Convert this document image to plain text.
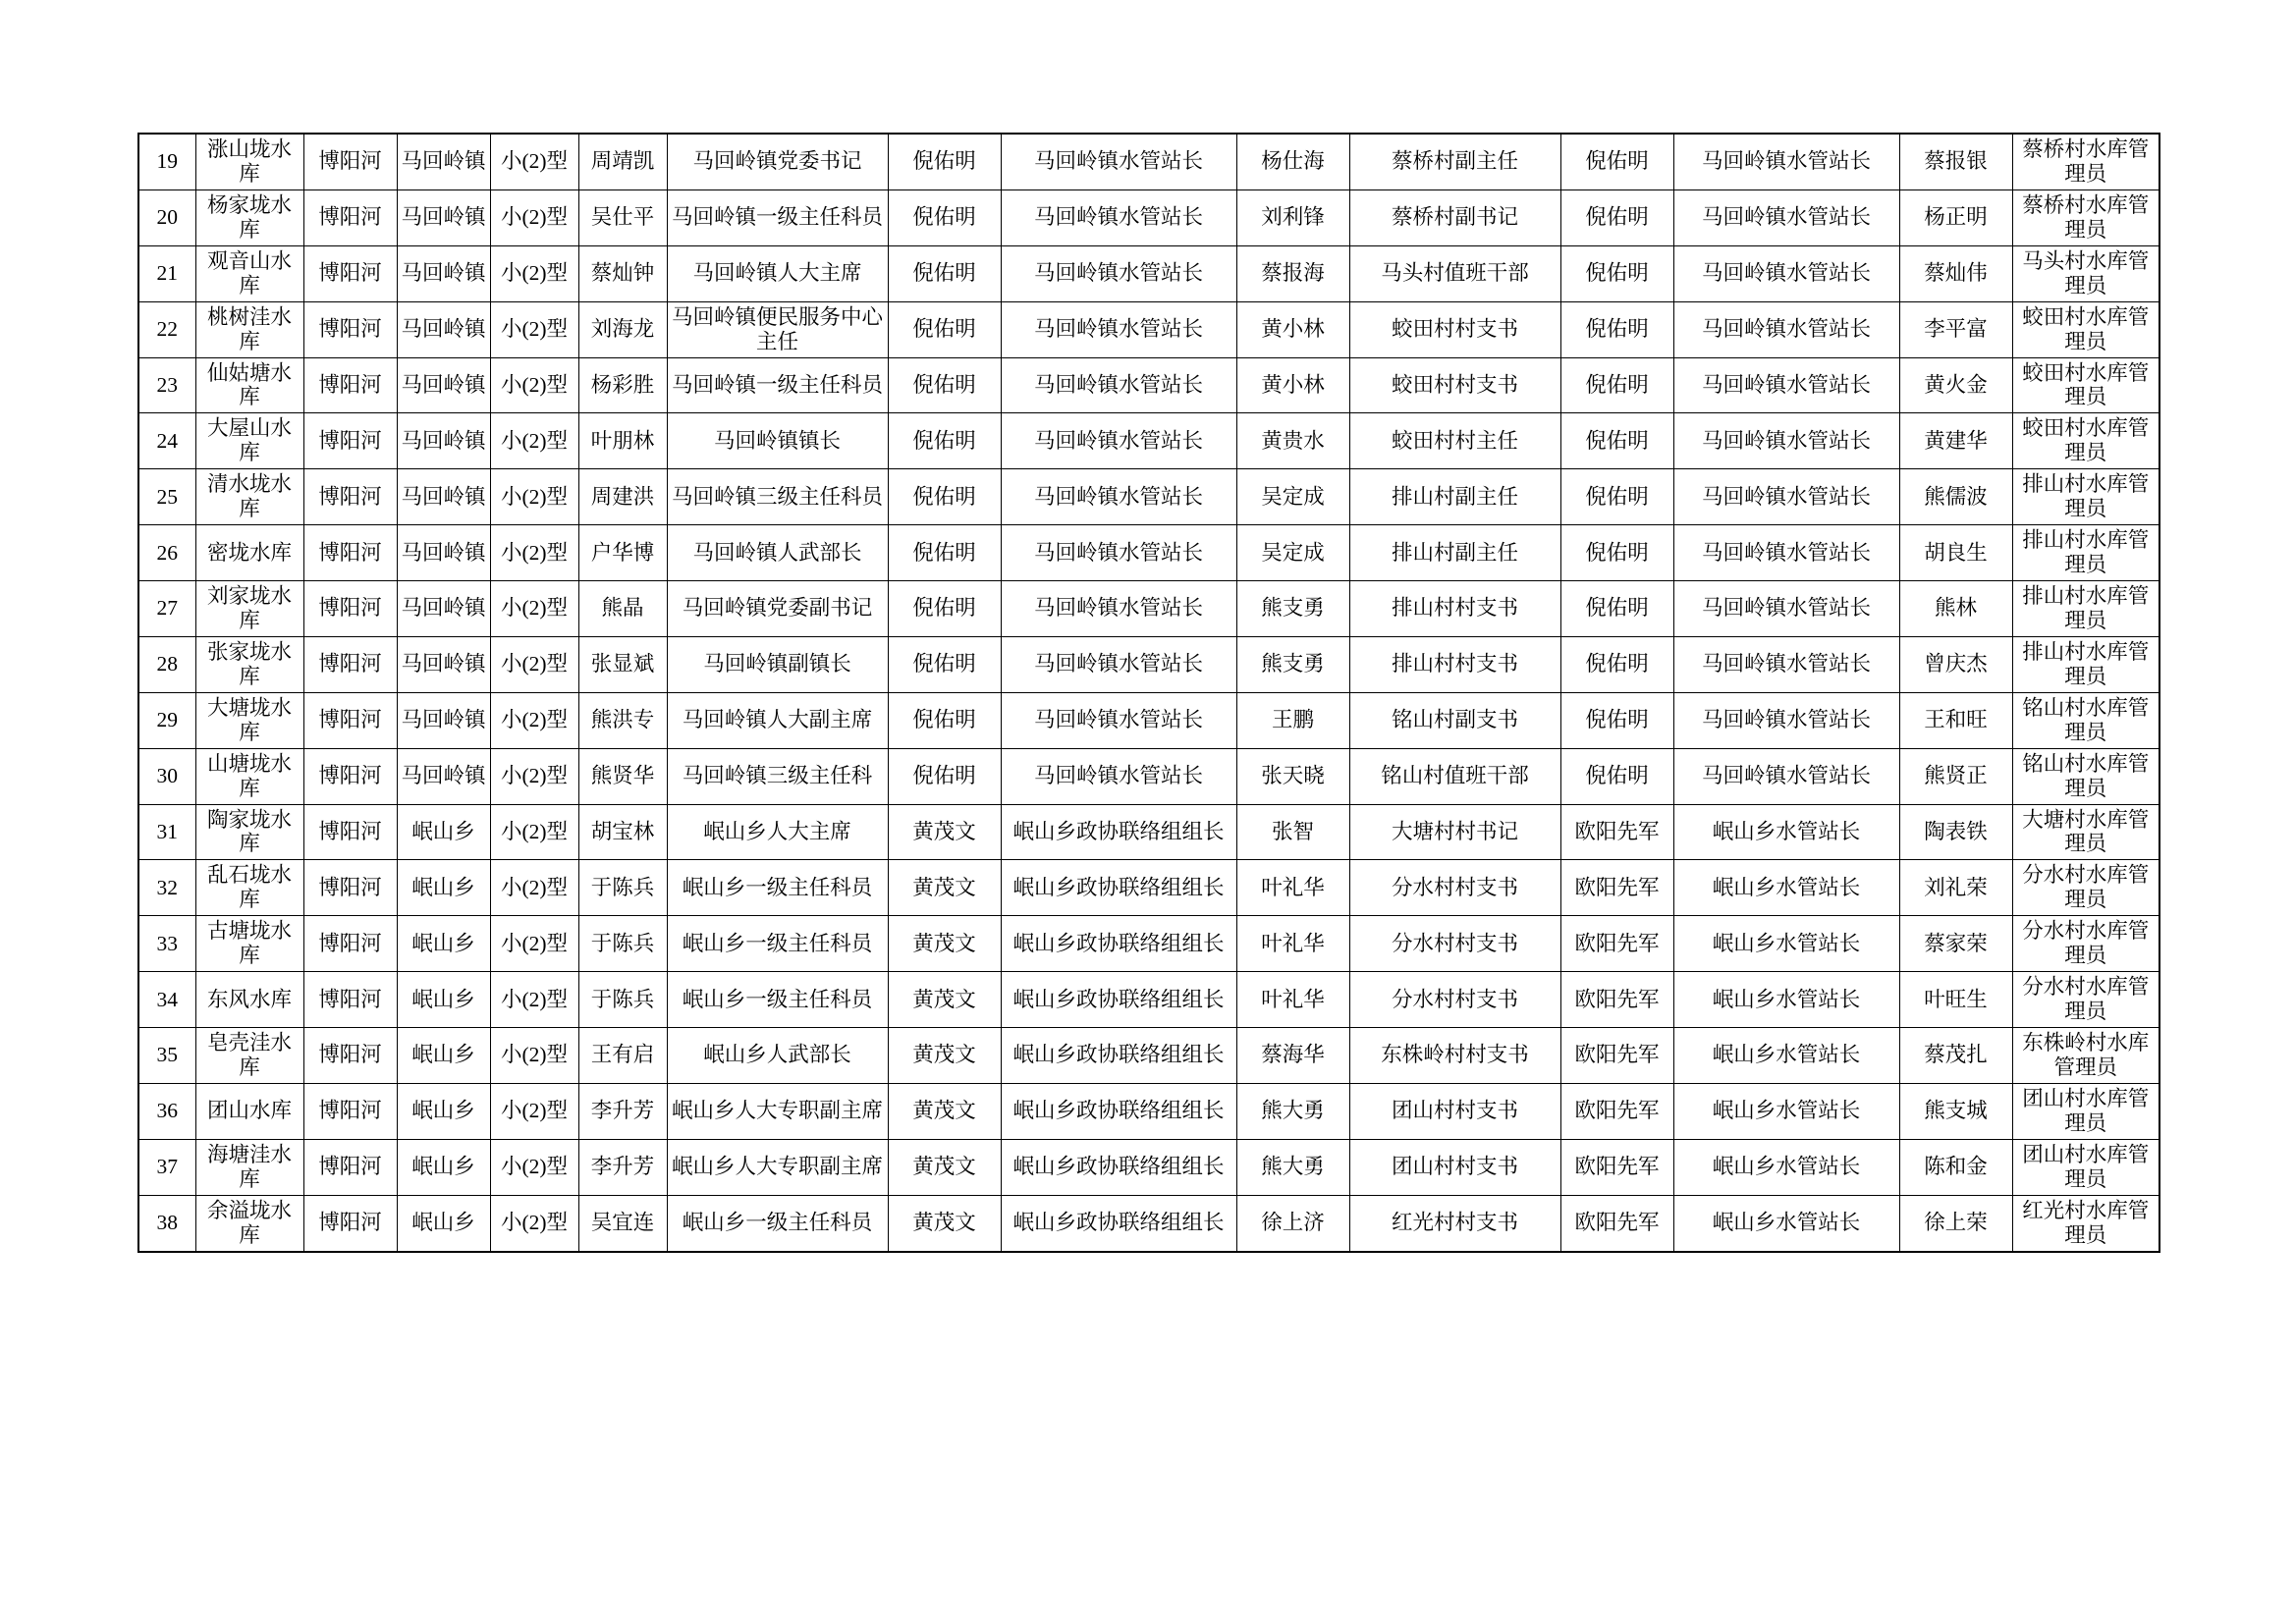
19	涨山垅水库	博阳河	马回岭镇	小(2)型	周靖凯	马回岭镇党委书记	倪佑明	马回岭镇水管站长	杨仕海	蔡桥村副主任	倪佑明	马回岭镇水管站长	蔡报银	蔡桥村水库管理员
20	杨家垅水库	博阳河	马回岭镇	小(2)型	吴仕平	马回岭镇一级主任科员	倪佑明	马回岭镇水管站长	刘利锋	蔡桥村副书记	倪佑明	马回岭镇水管站长	杨正明	蔡桥村水库管理员
21	观音山水库	博阳河	马回岭镇	小(2)型	蔡灿钟	马回岭镇人大主席	倪佑明	马回岭镇水管站长	蔡报海	马头村值班干部	倪佑明	马回岭镇水管站长	蔡灿伟	马头村水库管理员
22	桃树洼水库	博阳河	马回岭镇	小(2)型	刘海龙	马回岭镇便民服务中心主任	倪佑明	马回岭镇水管站长	黄小林	蛟田村村支书	倪佑明	马回岭镇水管站长	李平富	蛟田村水库管理员
23	仙姑塘水库	博阳河	马回岭镇	小(2)型	杨彩胜	马回岭镇一级主任科员	倪佑明	马回岭镇水管站长	黄小林	蛟田村村支书	倪佑明	马回岭镇水管站长	黄火金	蛟田村水库管理员
24	大屋山水库	博阳河	马回岭镇	小(2)型	叶朋林	马回岭镇镇长	倪佑明	马回岭镇水管站长	黄贵水	蛟田村村主任	倪佑明	马回岭镇水管站长	黄建华	蛟田村水库管理员
25	清水垅水库	博阳河	马回岭镇	小(2)型	周建洪	马回岭镇三级主任科员	倪佑明	马回岭镇水管站长	吴定成	排山村副主任	倪佑明	马回岭镇水管站长	熊儒波	排山村水库管理员
26	密垅水库	博阳河	马回岭镇	小(2)型	户华博	马回岭镇人武部长	倪佑明	马回岭镇水管站长	吴定成	排山村副主任	倪佑明	马回岭镇水管站长	胡良生	排山村水库管理员
27	刘家垅水库	博阳河	马回岭镇	小(2)型	熊晶	马回岭镇党委副书记	倪佑明	马回岭镇水管站长	熊支勇	排山村村支书	倪佑明	马回岭镇水管站长	熊林	排山村水库管理员
28	张家垅水库	博阳河	马回岭镇	小(2)型	张显斌	马回岭镇副镇长	倪佑明	马回岭镇水管站长	熊支勇	排山村村支书	倪佑明	马回岭镇水管站长	曾庆杰	排山村水库管理员
29	大塘垅水库	博阳河	马回岭镇	小(2)型	熊洪专	马回岭镇人大副主席	倪佑明	马回岭镇水管站长	王鹏	铭山村副支书	倪佑明	马回岭镇水管站长	王和旺	铭山村水库管理员
30	山塘垅水库	博阳河	马回岭镇	小(2)型	熊贤华	马回岭镇三级主任科	倪佑明	马回岭镇水管站长	张天晓	铭山村值班干部	倪佑明	马回岭镇水管站长	熊贤正	铭山村水库管理员
31	陶家垅水库	博阳河	岷山乡	小(2)型	胡宝林	岷山乡人大主席	黄茂文	岷山乡政协联络组组长	张智	大塘村村书记	欧阳先军	岷山乡水管站长	陶表铁	大塘村水库管理员
32	乱石垅水库	博阳河	岷山乡	小(2)型	于陈兵	岷山乡一级主任科员	黄茂文	岷山乡政协联络组组长	叶礼华	分水村村支书	欧阳先军	岷山乡水管站长	刘礼荣	分水村水库管理员
33	古塘垅水库	博阳河	岷山乡	小(2)型	于陈兵	岷山乡一级主任科员	黄茂文	岷山乡政协联络组组长	叶礼华	分水村村支书	欧阳先军	岷山乡水管站长	蔡家荣	分水村水库管理员
34	东风水库	博阳河	岷山乡	小(2)型	于陈兵	岷山乡一级主任科员	黄茂文	岷山乡政协联络组组长	叶礼华	分水村村支书	欧阳先军	岷山乡水管站长	叶旺生	分水村水库管理员
35	皂壳洼水库	博阳河	岷山乡	小(2)型	王有启	岷山乡人武部长	黄茂文	岷山乡政协联络组组长	蔡海华	东株岭村村支书	欧阳先军	岷山乡水管站长	蔡茂扎	东株岭村水库管理员
36	团山水库	博阳河	岷山乡	小(2)型	李升芳	岷山乡人大专职副主席	黄茂文	岷山乡政协联络组组长	熊大勇	团山村村支书	欧阳先军	岷山乡水管站长	熊支城	团山村水库管理员
37	海塘洼水库	博阳河	岷山乡	小(2)型	李升芳	岷山乡人大专职副主席	黄茂文	岷山乡政协联络组组长	熊大勇	团山村村支书	欧阳先军	岷山乡水管站长	陈和金	团山村水库管理员
38	余溢垅水库	博阳河	岷山乡	小(2)型	吴宜连	岷山乡一级主任科员	黄茂文	岷山乡政协联络组组长	徐上济	红光村村支书	欧阳先军	岷山乡水管站长	徐上荣	红光村水库管理员
